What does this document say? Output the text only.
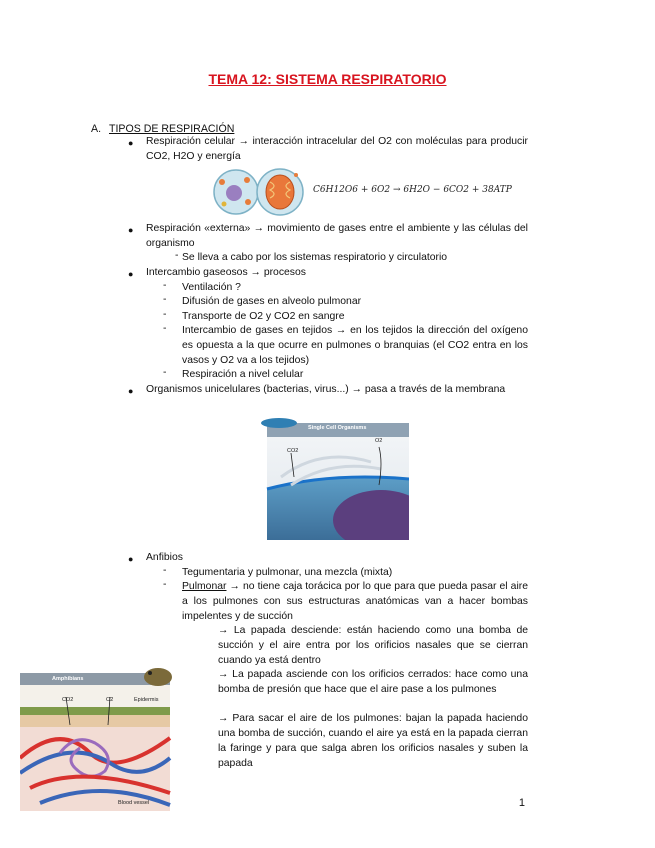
TEMA 12: SISTEMA RESPIRATORIO
A. TIPOS DE RESPIRACIÓN
● Respiración celular → interacción intracelular del O2 con moléculas para producir CO2, H2O y energía
C6H12O6 + 6O2 → 6H2O − 6CO2 + 38ATP
● Respiración «externa» → movimiento de gases entre el ambiente y las células del organismo
- Se lleva a cabo por los sistemas respiratorio y circulatorio
● Intercambio gaseosos → procesos
- Ventilación ?
- Difusión de gases en alveolo pulmonar
- Transporte de O2 y CO2 en sangre
- Intercambio de gases en tejidos → en los tejidos la dirección del oxígeno es opuesta a la que ocurre en pulmones o branquias (el CO2 entra en los vasos y O2 va a los tejidos)
- Respiración a nivel celular
● Organismos unicelulares (bacterias, virus...) → pasa a través de la membrana
Single Cell Organisms
CO2
O2
● Anfibios
- Tegumentaria y pulmonar, una mezcla (mixta)
- Pulmonar → no tiene caja torácica por lo que para que pueda pasar el aire a los pulmones con sus estructuras anatómicas van a hacer bombas impelentes y de succión
→ La papada desciende: están haciendo como una bomba de succión y el aire entra por los orificios nasales que se cierran cuando ya está dentro
→ La papada asciende con los orificios cerrados: hace como una bomba de presión que hace que el aire pase a los pulmones
→ Para sacar el aire de los pulmones: bajan la papada haciendo una bomba de succión, cuando el aire ya está en la papada cierran la faringe y para que salga abren los orificios nasales y suben la papada
Amphibians
CO2	O2	Epidermis
Blood vessel	1
